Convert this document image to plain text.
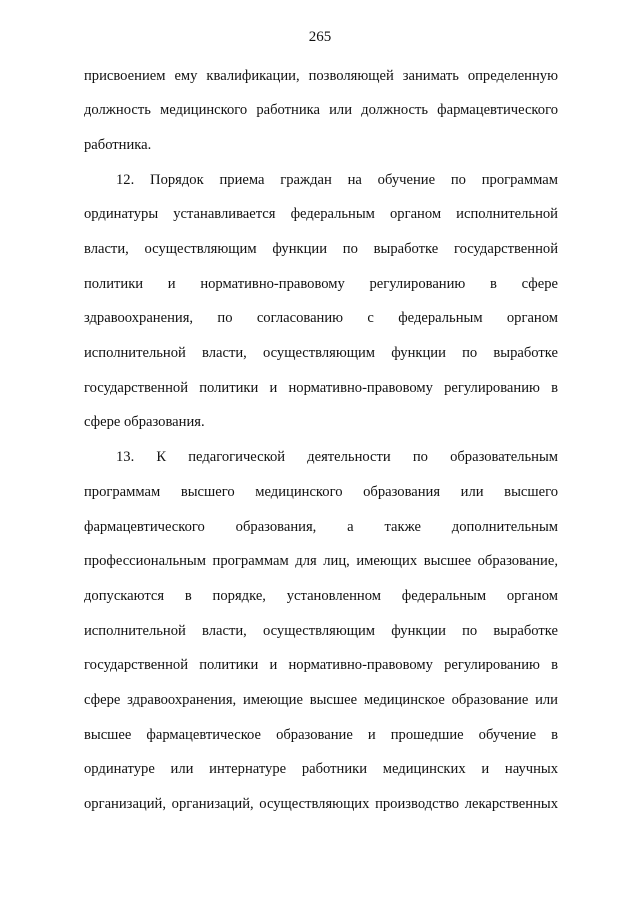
265
присвоением ему квалификации, позволяющей занимать определенную
должность медицинского работника или должность фармацевтического
работника.
12. Порядок приема граждан на обучение по программам
ординатуры устанавливается федеральным органом исполнительной
власти, осуществляющим функции по выработке государственной
политики и нормативно-правовому регулированию в сфере
здравоохранения, по согласованию с федеральным органом
исполнительной власти, осуществляющим функции по выработке
государственной политики и нормативно-правовому регулированию в
сфере образования.
13. К педагогической деятельности по образовательным
программам высшего медицинского образования или высшего
фармацевтического образования, а также дополнительным
профессиональным программам для лиц, имеющих высшее образование,
допускаются в порядке, установленном федеральным органом
исполнительной власти, осуществляющим функции по выработке
государственной политики и нормативно-правовому регулированию в
сфере здравоохранения, имеющие высшее медицинское образование или
высшее фармацевтическое образование и прошедшие обучение в
ординатуре или интернатуре работники медицинских и научных
организаций, организаций, осуществляющих производство лекарственных
